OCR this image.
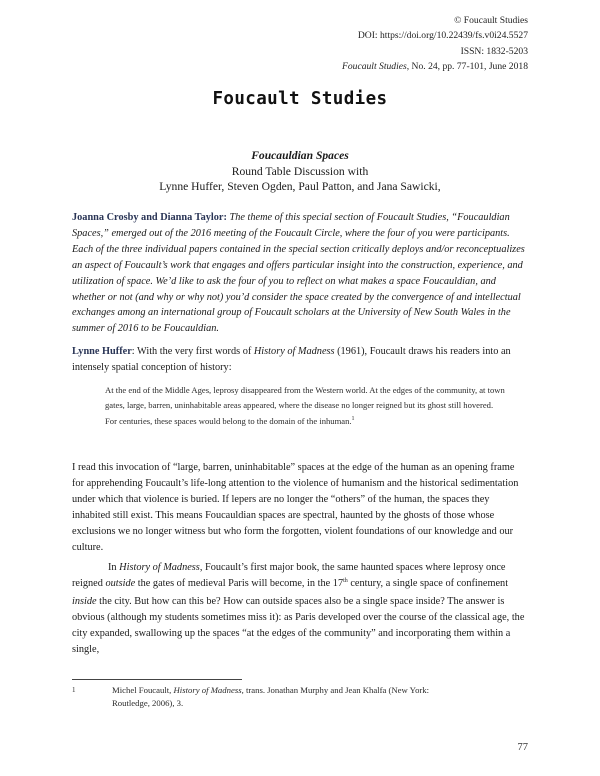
© Foucault Studies
DOI: https://doi.org/10.22439/fs.v0i24.5527
ISSN: 1832-5203
Foucault Studies, No. 24, pp. 77-101, June 2018
Foucault Studies
Foucauldian Spaces
Round Table Discussion with
Lynne Huffer, Steven Ogden, Paul Patton, and Jana Sawicki,
Joanna Crosby and Dianna Taylor: The theme of this special section of Foucault Studies, “Foucauldian Spaces,” emerged out of the 2016 meeting of the Foucault Circle, where the four of you were participants. Each of the three individual papers contained in the special section critically deploys and/or reconceptualizes an aspect of Foucault’s work that engages and offers particular insight into the construction, experience, and utilization of space. We’d like to ask the four of you to reflect on what makes a space Foucauldian, and whether or not (and why or why not) you’d consider the space created by the convergence of and intellectual exchanges among an international group of Foucault scholars at the University of New South Wales in the summer of 2016 to be Foucauldian.
Lynne Huffer: With the very first words of History of Madness (1961), Foucault draws his readers into an intensely spatial conception of history:
At the end of the Middle Ages, leprosy disappeared from the Western world. At the edges of the community, at town gates, large, barren, uninhabitable areas appeared, where the disease no longer reigned but its ghost still hovered. For centuries, these spaces would belong to the domain of the inhuman.$^1$
I read this invocation of “large, barren, uninhabitable” spaces at the edge of the human as an opening frame for apprehending Foucault’s life-long attention to the violence of humanism and the historical sedimentation under which that violence is buried. If lepers are no longer the “others” of the human, the spaces they inhabited still exist. This means Foucauldian spaces are spectral, haunted by the ghosts of those whose exclusions we no longer witness but who form the forgotten, violent foundations of our knowledge and our culture.
In History of Madness, Foucault’s first major book, the same haunted spaces where leprosy once reigned outside the gates of medieval Paris will become, in the 17th century, a single space of confinement inside the city. But how can this be? How can outside spaces also be a single space inside? The answer is obvious (although my students sometimes miss it): as Paris developed over the course of the classical age, the city expanded, swallowing up the spaces “at the edges of the community” and incorporating them within a single,
1	Michel Foucault, History of Madness, trans. Jonathan Murphy and Jean Khalfa (New York:
Routledge, 2006), 3.
77
